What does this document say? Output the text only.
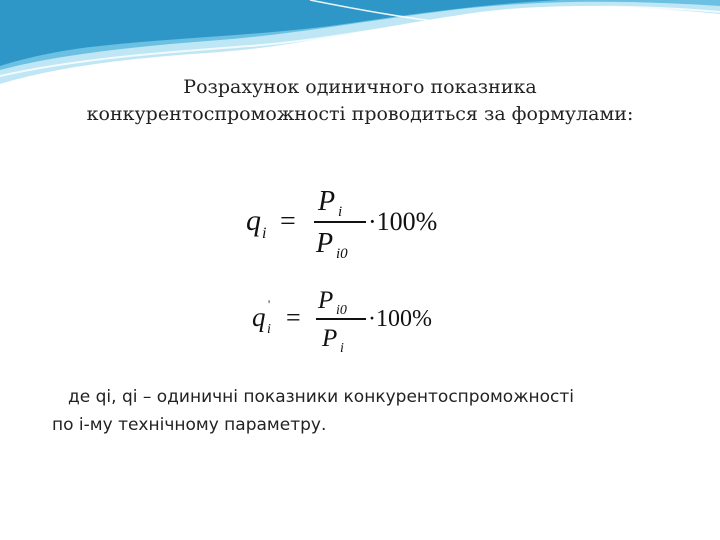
Розрахунок одиничного показника
конкурентоспроможності проводиться за формулами:
q i =
P i
P i0
·100%
q '
i =
P i0
P i
·100%

де qi, qi – одиничні показники конкурентоспроможності
по і-му технічному параметру.
